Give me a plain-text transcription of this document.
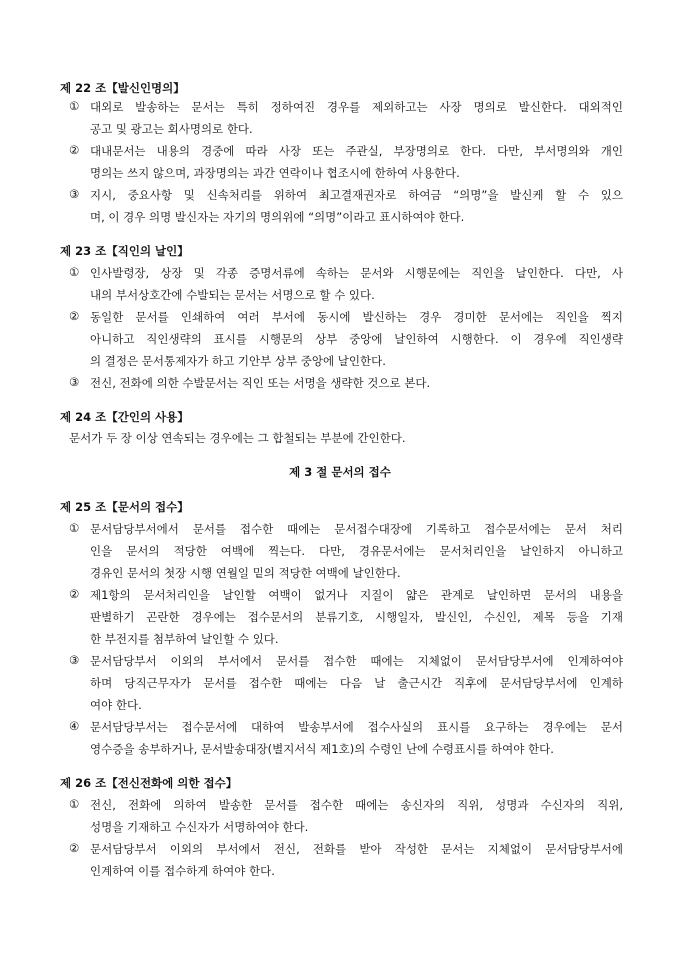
제 22 조【발신인명의】
① 대외로 발송하는 문서는 특히 정하여진 경우를 제외하고는 사장 명의로 발신한다. 대외적인
공고 및 광고는 회사명의로 한다.
② 대내문서는 내용의 경중에 따라 사장 또는 주관실, 부장명의로 한다. 다만, 부서명의와 개인
명의는 쓰지 않으며, 과장명의는 과간 연락이나 협조시에 한하여 사용한다.
③ 지시, 중요사항 및 신속처리를 위하여 최고결재권자로 하여금 “의명”을 발신케 할 수 있으
며, 이 경우 의명 발신자는 자기의 명의위에 “의명”이라고 표시하여야 한다.
제 23 조【직인의 날인】
① 인사발령장, 상장 및 각종 증명서류에 속하는 문서와 시행문에는 직인을 날인한다. 다만, 사
내의 부서상호간에 수발되는 문서는 서명으로 할 수 있다.
② 동일한 문서를 인쇄하여 여러 부서에 동시에 발신하는 경우 경미한 문서에는 직인을 찍지
아니하고 직인생략의 표시를 시행문의 상부 중앙에 날인하여 시행한다. 이 경우에 직인생략
의 결정은 문서통제자가 하고 기안부 상부 중앙에 날인한다.
③ 전신, 전화에 의한 수발문서는 직인 또는 서명을 생략한 것으로 본다.
제 24 조【간인의 사용】
문서가 두 장 이상 연속되는 경우에는 그 합철되는 부분에 간인한다.
제 3 절 문서의 접수
제 25 조【문서의 접수】
① 문서담당부서에서 문서를 접수한 때에는 문서접수대장에 기록하고 접수문서에는 문서 처리
인을 문서의 적당한 여백에 찍는다. 다만, 경유문서에는 문서처리인을 날인하지 아니하고
경유인 문서의 첫장 시행 연월일 밑의 적당한 여백에 날인한다.
② 제1항의 문서처리인을 날인할 여백이 없거나 지질이 얇은 관계로 날인하면 문서의 내용을
판별하기 곤란한 경우에는 접수문서의 분류기호, 시행일자, 발신인, 수신인, 제목 등을 기재
한 부전지를 첨부하여 날인할 수 있다.
③ 문서담당부서 이외의 부서에서 문서를 접수한 때에는 지체없이 문서담당부서에 인계하여야
하며 당직근무자가 문서를 접수한 때에는 다음 날 출근시간 직후에 문서담당부서에 인계하
여야 한다.
④ 문서담당부서는 접수문서에 대하여 발송부서에 접수사실의 표시를 요구하는 경우에는 문서
영수증을 송부하거나, 문서발송대장(별지서식 제1호)의 수령인 난에 수령표시를 하여야 한다.
제 26 조【전신전화에 의한 접수】
① 전신, 전화에 의하여 발송한 문서를 접수한 때에는 송신자의 직위, 성명과 수신자의 직위,
성명을 기재하고 수신자가 서명하여야 한다.
② 문서담당부서 이외의 부서에서 전신, 전화를 받아 작성한 문서는 지체없이 문서담당부서에
인계하여 이를 접수하게 하여야 한다.
